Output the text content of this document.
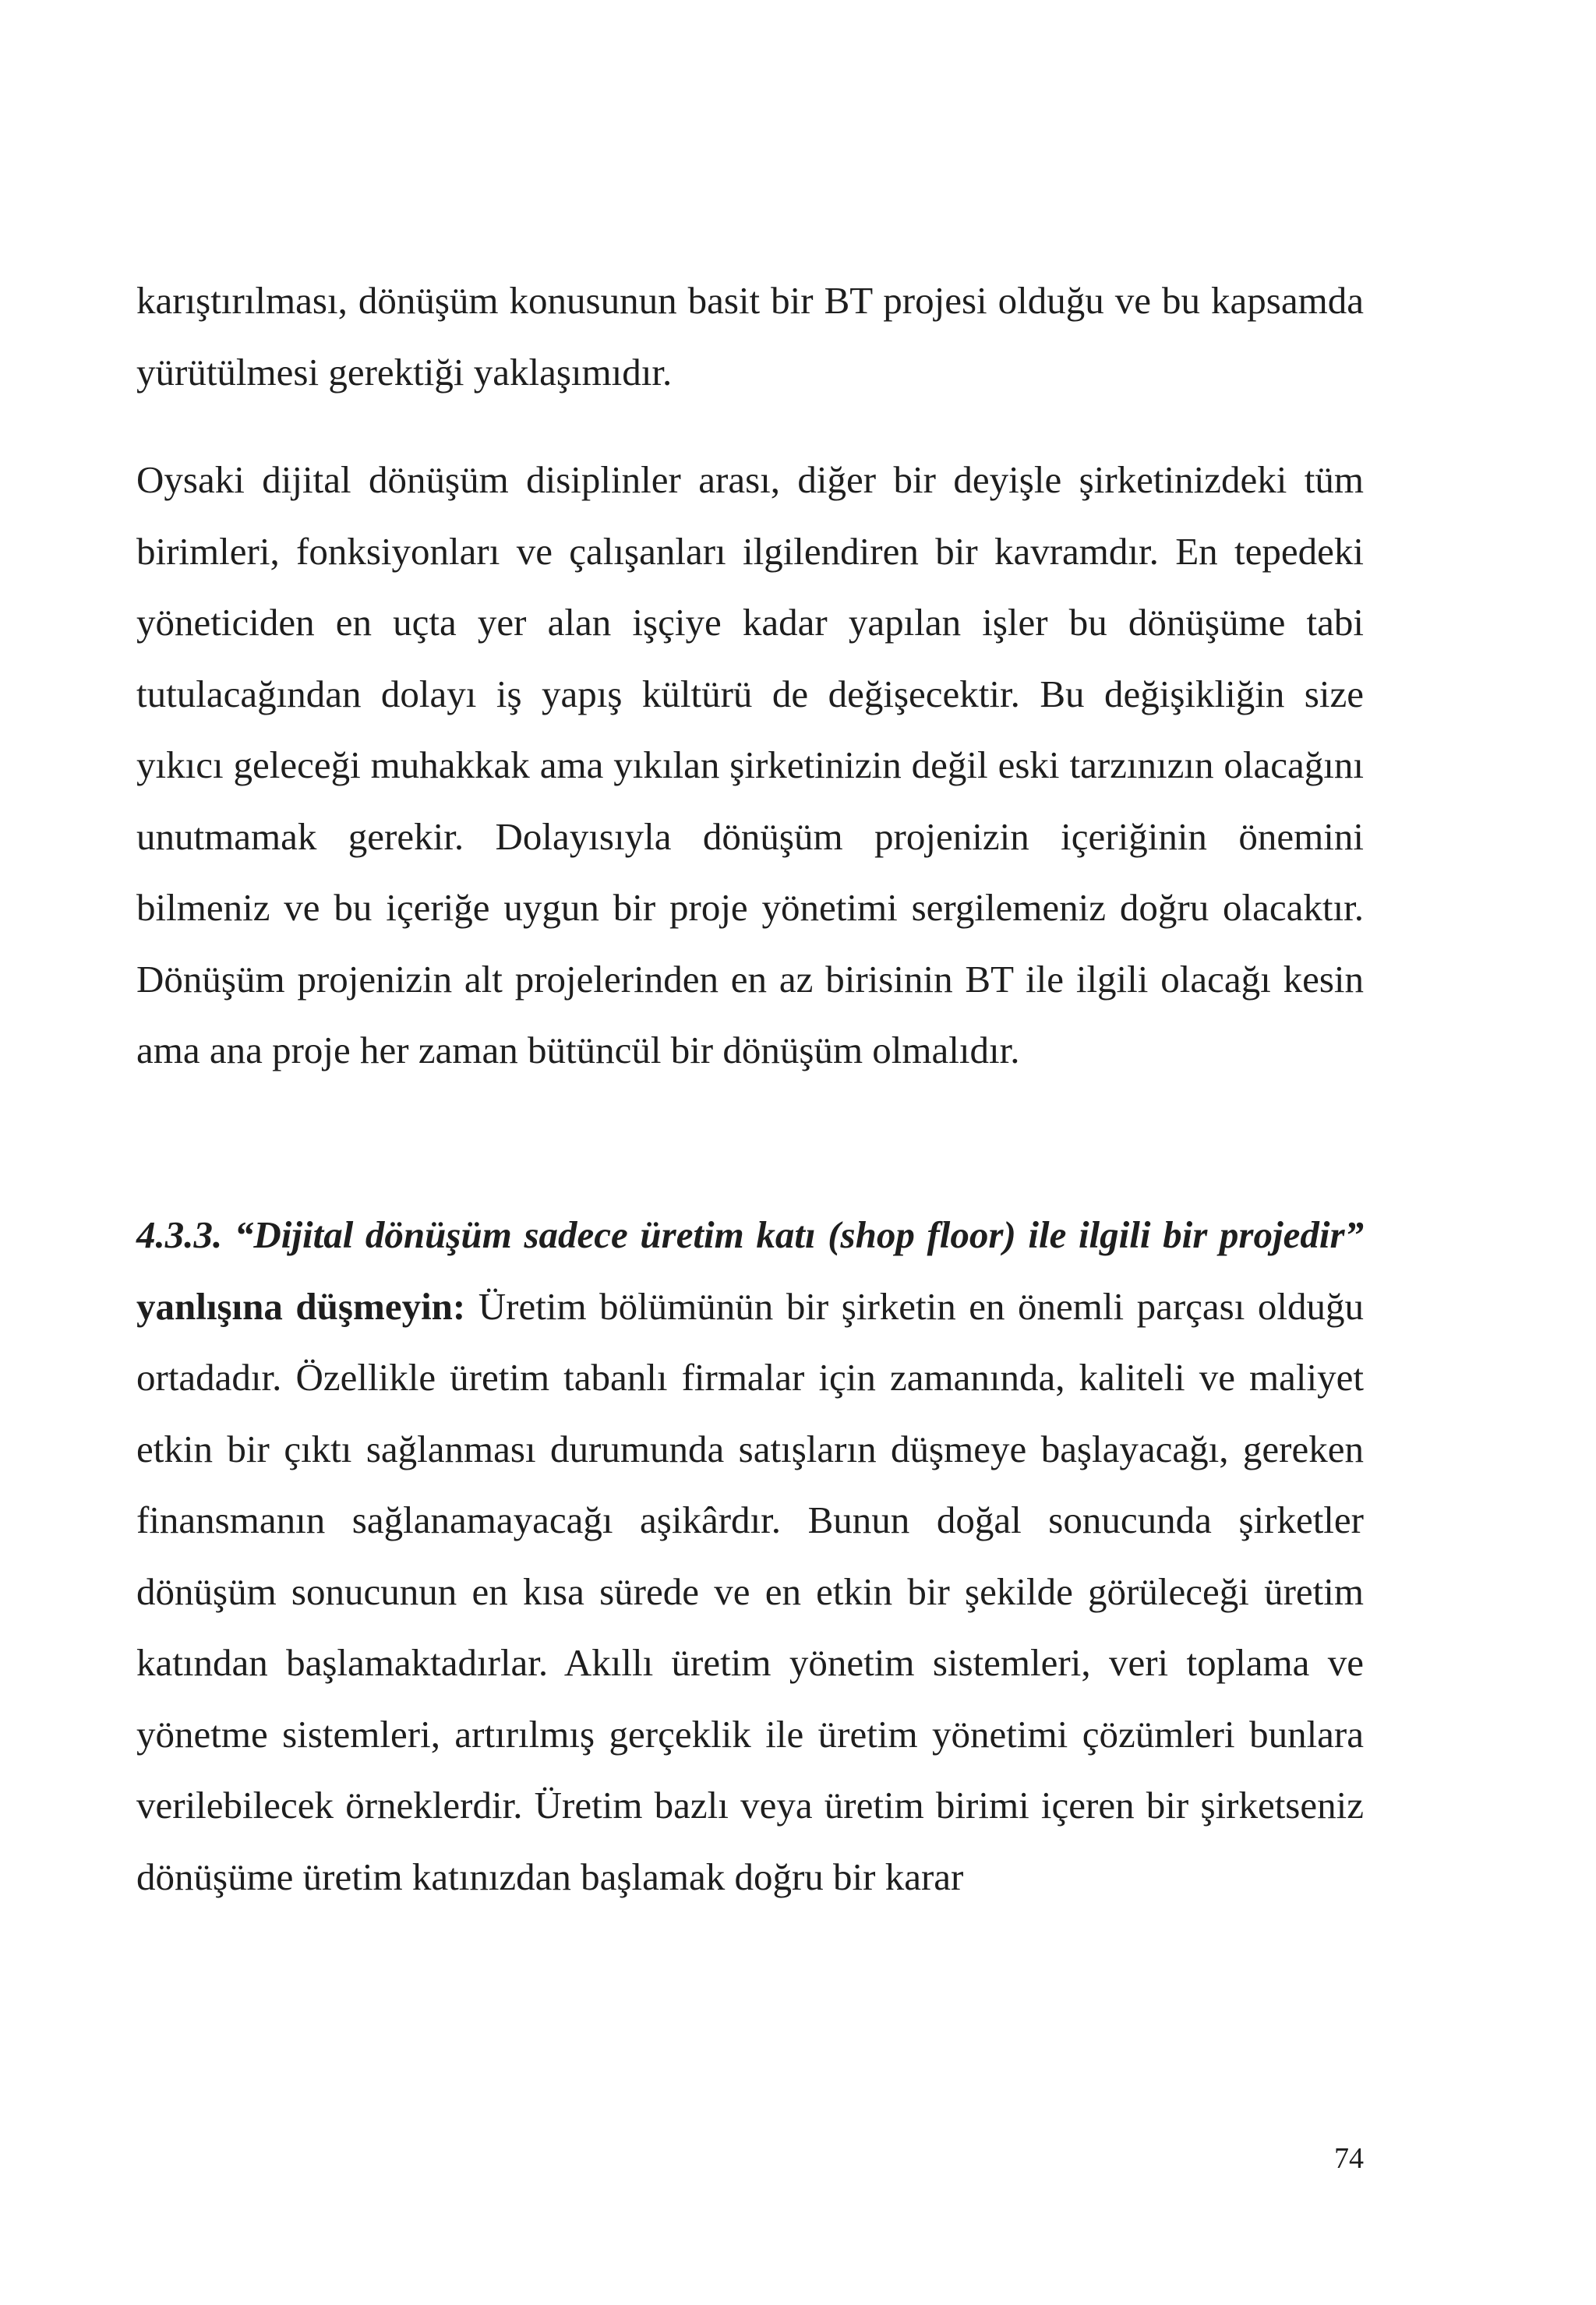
karıştırılması, dönüşüm konusunun basit bir BT projesi olduğu ve bu kapsamda yürütülmesi gerektiği yaklaşımıdır.

Oysaki dijital dönüşüm disiplinler arası, diğer bir deyişle şirketinizdeki tüm birimleri, fonksiyonları ve çalışanları ilgilendiren bir kavramdır. En tepedeki yöneticiden en uçta yer alan işçiye kadar yapılan işler bu dönüşüme tabi tutulacağından dolayı iş yapış kültürü de değişecektir. Bu değişikliğin size yıkıcı geleceği muhakkak ama yıkılan şirketinizin değil eski tarzınızın olacağını unutmamak gerekir. Dolayısıyla dönüşüm projenizin içeriğinin önemini bilmeniz ve bu içeriğe uygun bir proje yönetimi sergilemeniz doğru olacaktır. Dönüşüm projenizin alt projelerinden en az birisinin BT ile ilgili olacağı kesin ama ana proje her zaman bütüncül bir dönüşüm olmalıdır.

4.3.3. “Dijital dönüşüm sadece üretim katı (shop floor) ile ilgili bir projedir” yanlışına düşmeyin: Üretim bölümünün bir şirketin en önemli parçası olduğu ortadadır. Özellikle üretim tabanlı firmalar için zamanında, kaliteli ve maliyet etkin bir çıktı sağlanması durumunda satışların düşmeye başlayacağı, gereken finansmanın sağlanamayacağı aşikârdır. Bunun doğal sonucunda şirketler dönüşüm sonucunun en kısa sürede ve en etkin bir şekilde görüleceği üretim katından başlamaktadırlar. Akıllı üretim yönetim sistemleri, veri toplama ve yönetme sistemleri, artırılmış gerçeklik ile üretim yönetimi çözümleri bunlara verilebilecek örneklerdir. Üretim bazlı veya üretim birimi içeren bir şirketseniz dönüşüme üretim katınızdan başlamak doğru bir karar

74
